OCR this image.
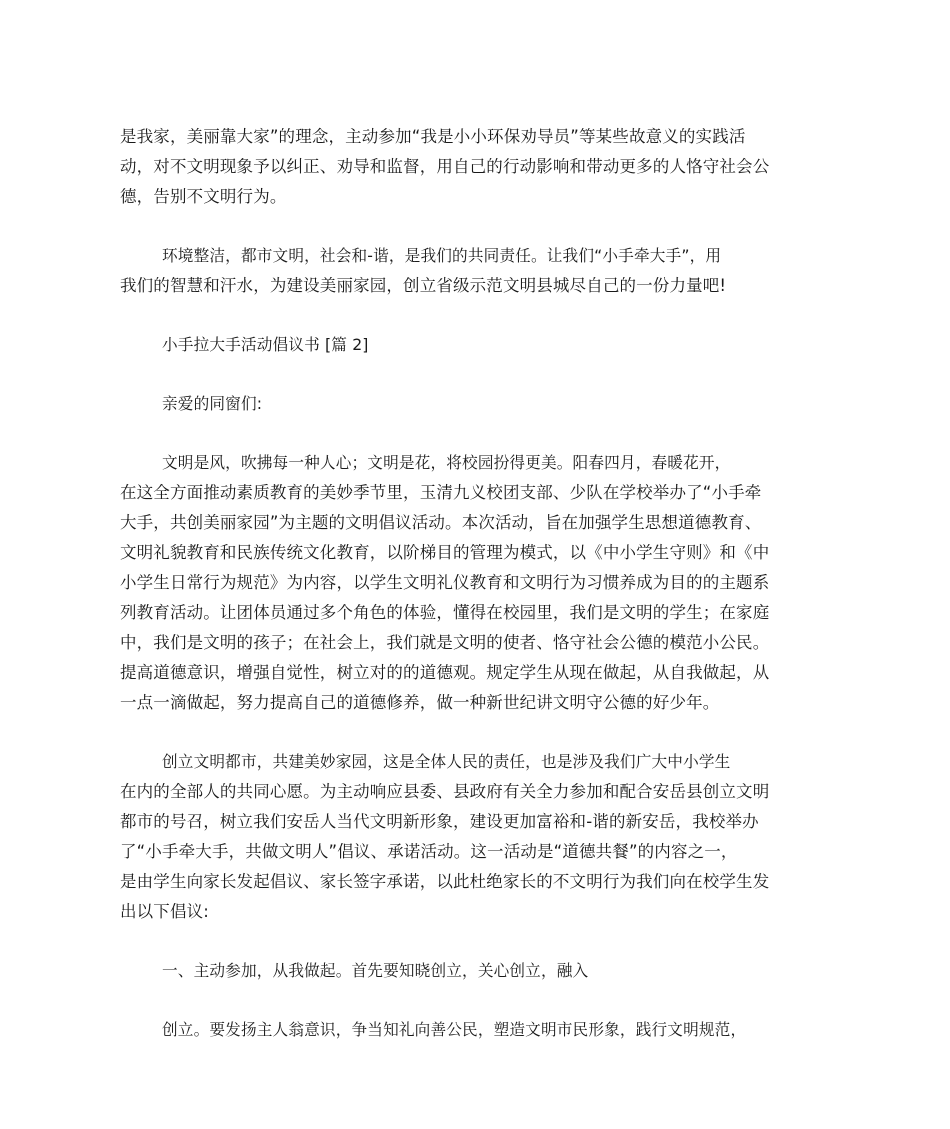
是我家，美丽靠大家”的理念，主动参加“我是小小环保劝导员”等某些故意义的实践活
动，对不文明现象予以纠正、劝导和监督，用自己的行动影响和带动更多的人恪守社会公
德，告别不文明行为。
环境整洁，都市文明，社会和-谐，是我们的共同责任。让我们“小手牵大手”，用
我们的智慧和汗水，为建设美丽家园，创立省级示范文明县城尽自己的一份力量吧!
小手拉大手活动倡议书 [篇 2]
亲爱的同窗们:
文明是风，吹拂每一种人心；文明是花，将校园扮得更美。阳春四月，春暖花开，
在这全方面推动素质教育的美妙季节里，玉清九义校团支部、少队在学校举办了“小手牵
大手，共创美丽家园”为主题的文明倡议活动。本次活动，旨在加强学生思想道德教育、
文明礼貌教育和民族传统文化教育，以阶梯目的管理为模式，以《中小学生守则》和《中
小学生日常行为规范》为内容，以学生文明礼仪教育和文明行为习惯养成为目的的主题系
列教育活动。让团体员通过多个角色的体验，懂得在校园里，我们是文明的学生；在家庭
中，我们是文明的孩子；在社会上，我们就是文明的使者、恪守社会公德的模范小公民。
提高道德意识，增强自觉性，树立对的的道德观。规定学生从现在做起，从自我做起，从
一点一滴做起，努力提高自己的道德修养，做一种新世纪讲文明守公德的好少年。
创立文明都市，共建美妙家园，这是全体人民的责任，也是涉及我们广大中小学生
在内的全部人的共同心愿。为主动响应县委、县政府有关全力参加和配合安岳县创立文明
都市的号召，树立我们安岳人当代文明新形象，建设更加富裕和-谐的新安岳，我校举办
了“小手牵大手，共做文明人”倡议、承诺活动。这一活动是“道德共餐”的内容之一，
是由学生向家长发起倡议、家长签字承诺，以此杜绝家长的不文明行为我们向在校学生发
出以下倡议:
一、主动参加，从我做起。首先要知晓创立，关心创立，融入
创立。要发扬主人翁意识，争当知礼向善公民，塑造文明市民形象，践行文明规范，
